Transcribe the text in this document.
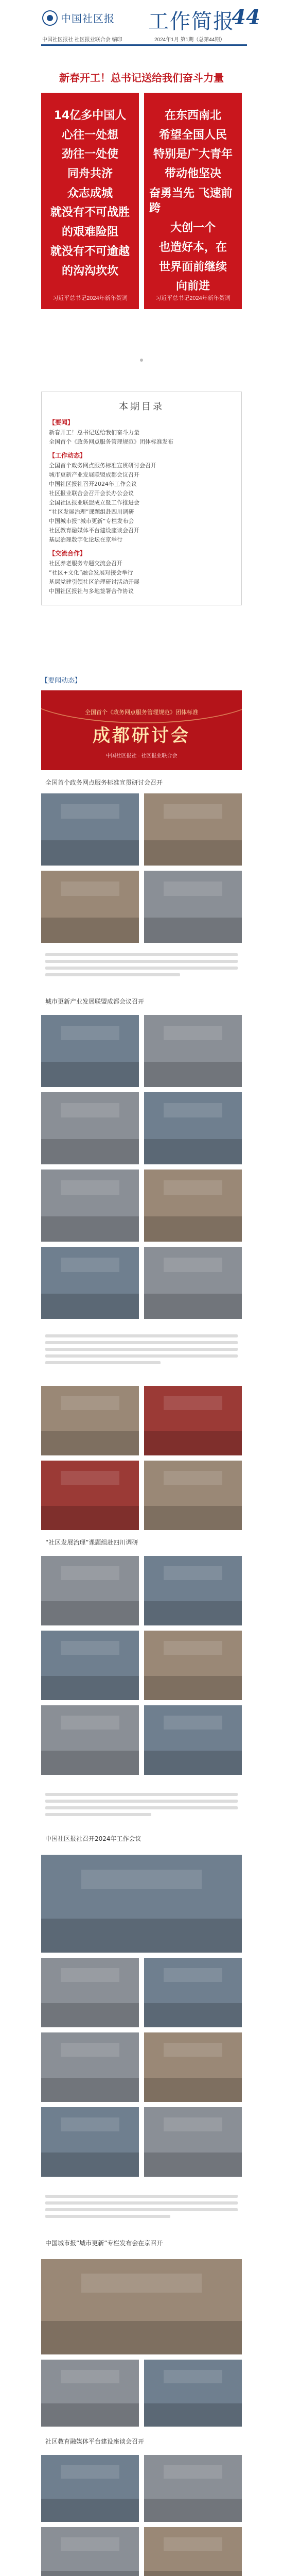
中国社区报 工作简报
44
中国社区报社 社区报业联合会 编印	2024年1月 第1期（总第44期）
新春开工！总书记送给我们奋斗力量
14亿多中国人
心往一处想
劲往一处使
同舟共济
众志成城
就没有不可战胜
的艰难险阻
就没有不可逾越
的沟沟坎坎
习近平总书记2024年新年贺词
在东西南北
希望全国人民
特别是广大青年
带动他坚决
奋勇当先 飞速前跨
大创一个
也造好本，在
世界面前继续
向前进
习近平总书记2024年新年贺词
本期目录
【要闻】
新春开工！总书记送给我们奋斗力量
全国首个《政务网点服务管理规范》团体标准发布
【工作动态】
全国首个政务网点服务标准宣贯研讨会召开
城市更新产业发展联盟成都会议召开
中国社区报社召开2024年工作会议
社区报业联合会召开会长办公会议
全国社区报业联盟成立暨工作推进会
“社区发展治理”课题组赴四川调研
中国城市报“城市更新”专栏发布会
社区教育融媒体平台建设座谈会召开
基层治理数字化论坛在京举行
【交流合作】
社区养老服务专题交流会召开
“社区+文化”融合发展对接会举行
基层党建引领社区治理研讨活动开展
中国社区报社与多地签署合作协议
【要闻动态】
全国首个《政务网点服务管理规范》团体标准
成都研讨会
中国社区报社 · 社区报业联合会
全国首个政务网点服务标准宣贯研讨会召开
城市更新产业发展联盟成都会议召开
“社区发展治理”课题组赴四川调研
中国社区报社召开2024年工作会议
中国城市报“城市更新”专栏发布会在京召开
社区教育融媒体平台建设座谈会召开
